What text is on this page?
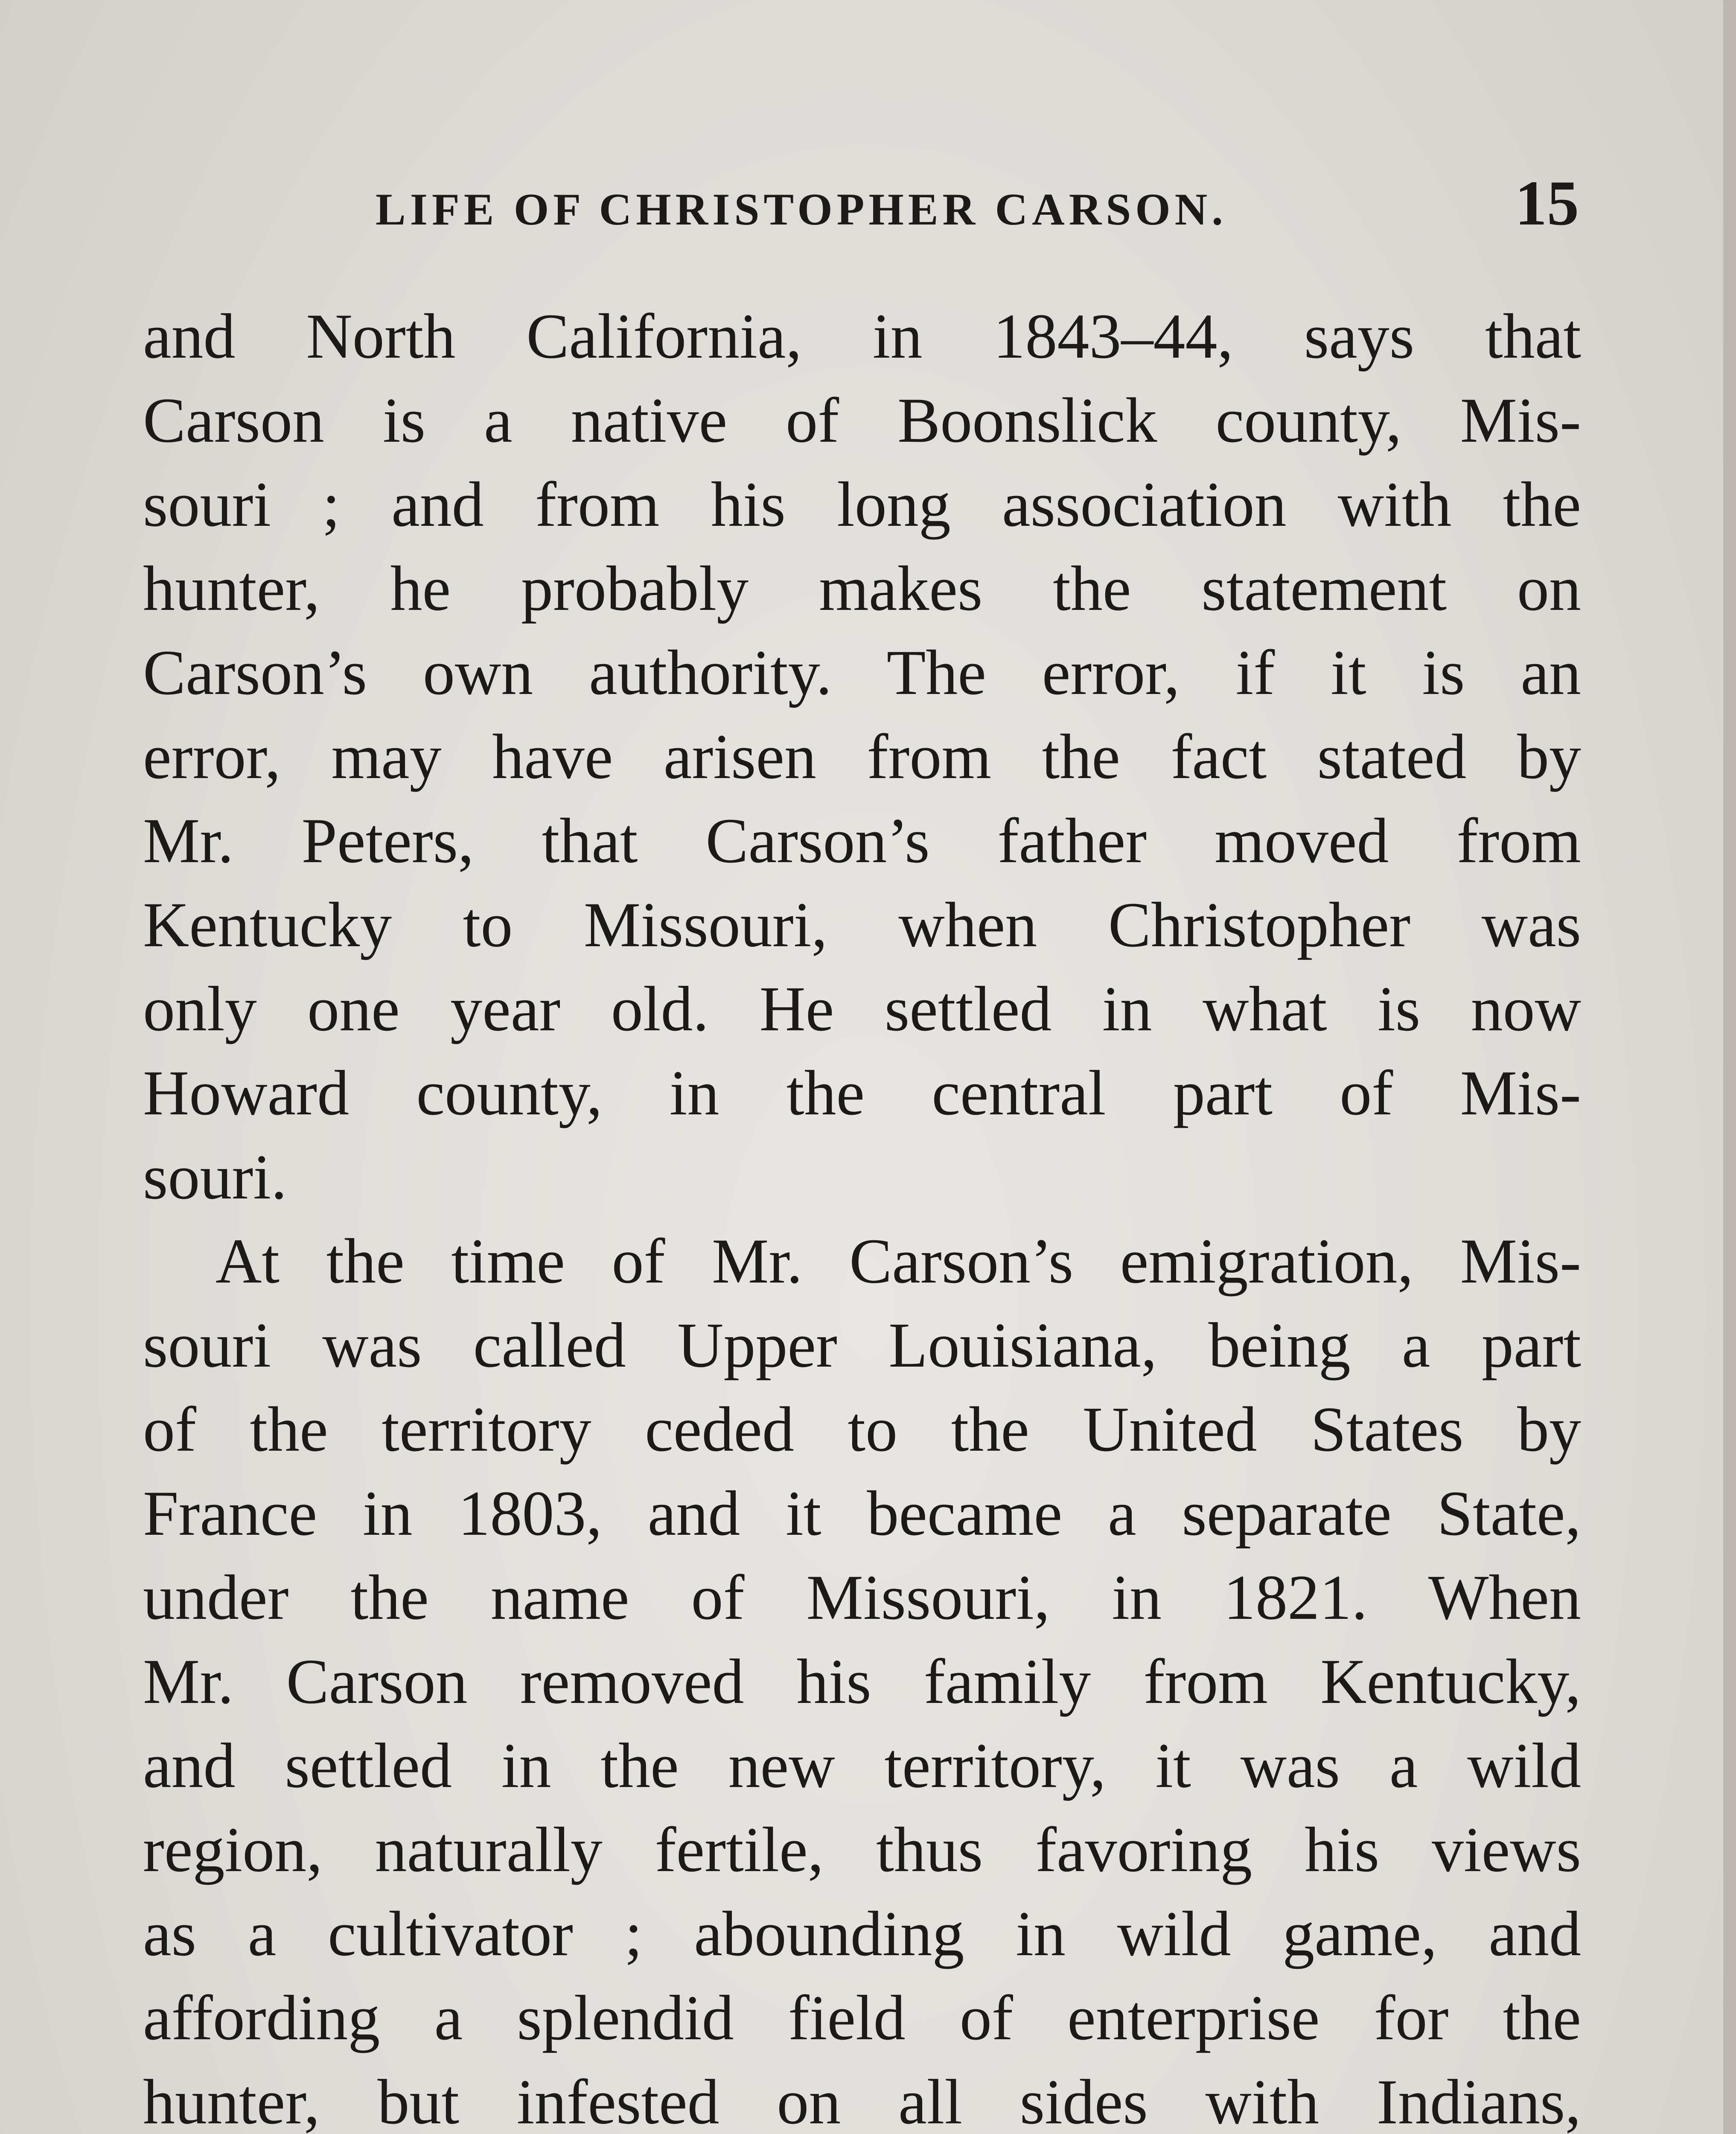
LIFE OF CHRISTOPHER CARSON.	15
and North California, in 1843–44, says that
Carson is a native of Boonslick county, Mis-
souri ; and from his long association with the
hunter, he probably makes the statement on
Carson’s own authority. The error, if it is an
error, may have arisen from the fact stated by
Mr. Peters, that Carson’s father moved from
Kentucky to Missouri, when Christopher was
only one year old. He settled in what is now
Howard county, in the central part of Mis-
souri.
At the time of Mr. Carson’s emigration, Mis-
souri was called Upper Louisiana, being a part
of the territory ceded to the United States by
France in 1803, and it became a separate State,
under the name of Missouri, in 1821. When
Mr. Carson removed his family from Kentucky,
and settled in the new territory, it was a wild
region, naturally fertile, thus favoring his views
as a cultivator ; abounding in wild game, and
affording a splendid field of enterprise for the
hunter, but infested on all sides with Indians,
